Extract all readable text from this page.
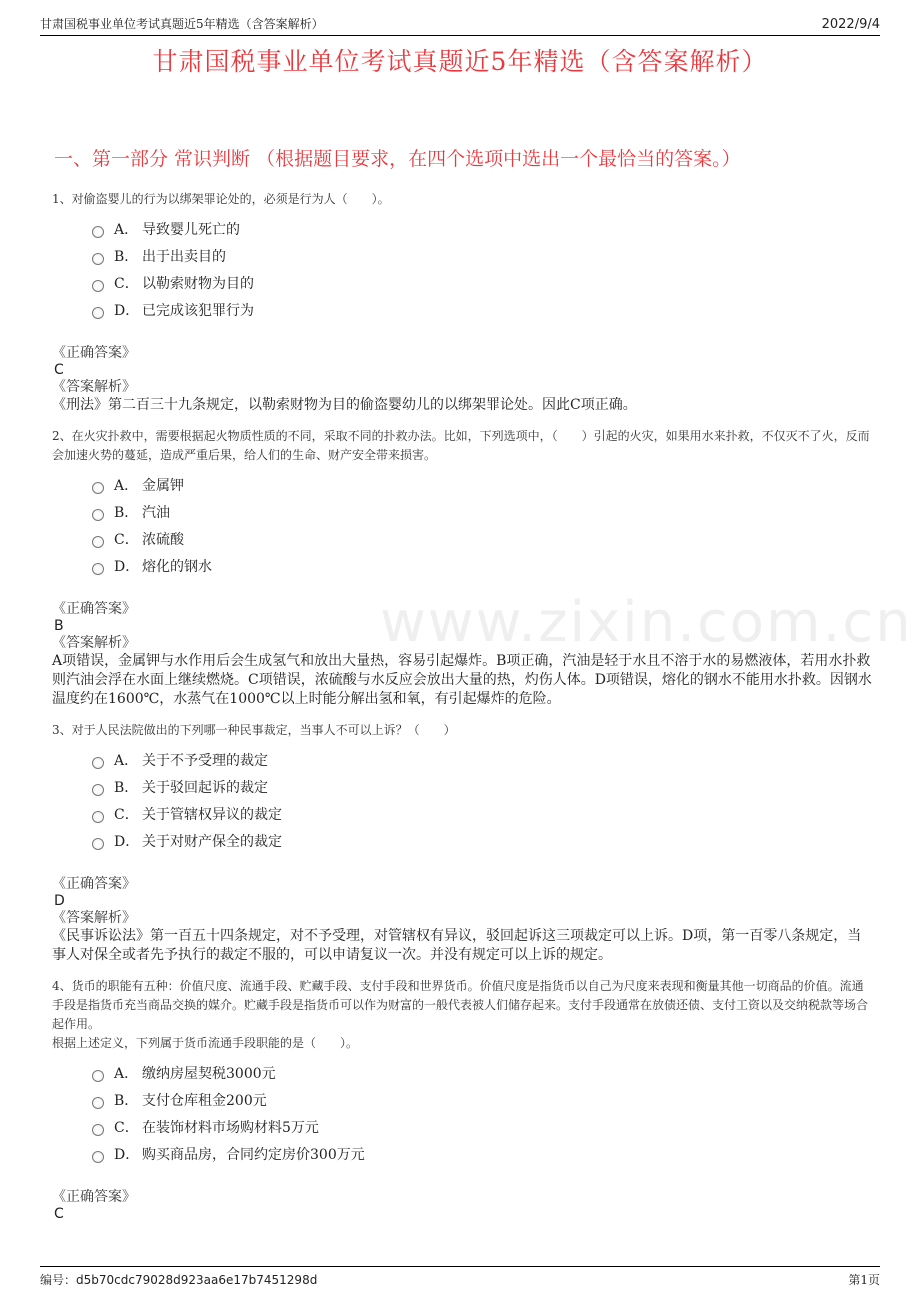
甘肃国税事业单位考试真题近5年精选（含答案解析）	2022/9/4
甘肃国税事业单位考试真题近5年精选（含答案解析）
一、第一部分 常识判断 （根据题目要求，在四个选项中选出一个最恰当的答案。）
www.zixin.com.cn
1、对偷盗婴儿的行为以绑架罪论处的，必须是行为人（　　）。
A． 导致婴儿死亡的
B． 出于出卖目的
C． 以勒索财物为目的
D． 已完成该犯罪行为
《正确答案》
C
《答案解析》
《刑法》第二百三十九条规定，以勒索财物为目的偷盗婴幼儿的以绑架罪论处。因此C项正确。
2、在火灾扑救中，需要根据起火物质性质的不同，采取不同的扑救办法。比如，下列选项中，（　　）引起的火灾，如果用水来扑救，不仅灭不了火，反而会加速火势的蔓延，造成严重后果，给人们的生命、财产安全带来损害。
A． 金属钾
B． 汽油
C． 浓硫酸
D． 熔化的钢水
《正确答案》
B
《答案解析》
A项错误，金属钾与水作用后会生成氢气和放出大量热，容易引起爆炸。B项正确，汽油是轻于水且不溶于水的易燃液体，若用水扑救则汽油会浮在水面上继续燃烧。C项错误，浓硫酸与水反应会放出大量的热，灼伤人体。D项错误，熔化的钢水不能用水扑救。因钢水温度约在1600℃，水蒸气在1000℃以上时能分解出氢和氧，有引起爆炸的危险。
3、对于人民法院做出的下列哪一种民事裁定，当事人不可以上诉？（　　）
A． 关于不予受理的裁定
B． 关于驳回起诉的裁定
C． 关于管辖权异议的裁定
D． 关于对财产保全的裁定
《正确答案》
D
《答案解析》
《民事诉讼法》第一百五十四条规定，对不予受理，对管辖权有异议，驳回起诉这三项裁定可以上诉。D项，第一百零八条规定，当事人对保全或者先予执行的裁定不服的，可以申请复议一次。并没有规定可以上诉的规定。
4、货币的职能有五种：价值尺度、流通手段、贮藏手段、支付手段和世界货币。价值尺度是指货币以自己为尺度来表现和衡量其他一切商品的价值。流通手段是指货币充当商品交换的媒介。贮藏手段是指货币可以作为财富的一般代表被人们储存起来。支付手段通常在放债还债、支付工资以及交纳税款等场合起作用。
根据上述定义，下列属于货币流通手段职能的是（　　）。
A． 缴纳房屋契税3000元
B． 支付仓库租金200元
C． 在装饰材料市场购材料5万元
D． 购买商品房，合同约定房价300万元
《正确答案》
C
编号：d5b70cdc79028d923aa6e17b7451298d	第1页
